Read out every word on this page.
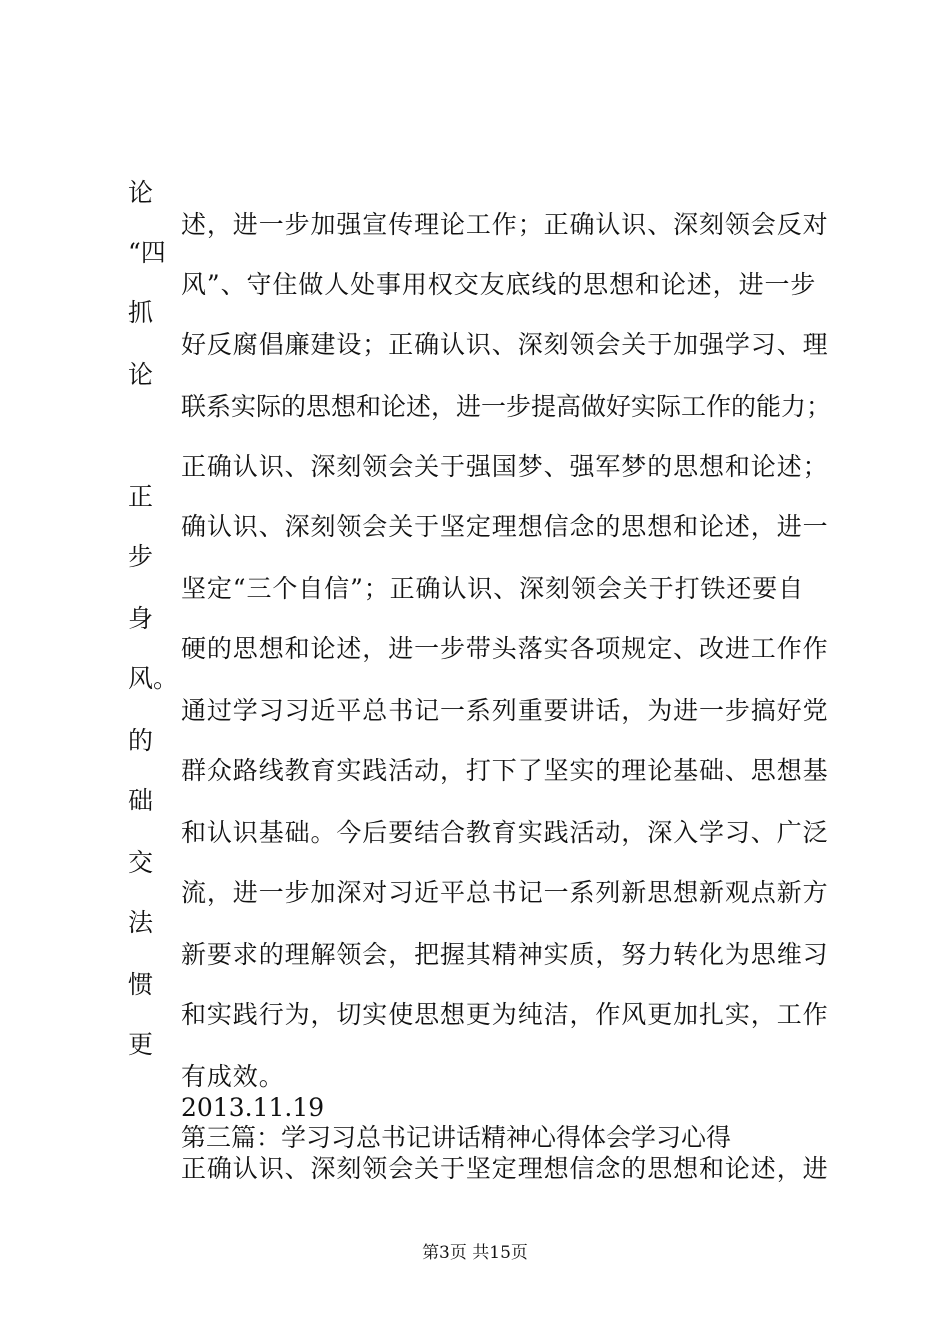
论
“四
抓
论
正
步
身
风。
的
础
交
法
惯
更
述，进一步加强宣传理论工作；正确认识、深刻领会反对
风”、守住做人处事用权交友底线的思想和论述，进一步
好反腐倡廉建设；正确认识、深刻领会关于加强学习、理
联系实际的思想和论述，进一步提高做好实际工作的能力；
正确认识、深刻领会关于强国梦、强军梦的思想和论述；
确认识、深刻领会关于坚定理想信念的思想和论述，进一
坚定“三个自信”；正确认识、深刻领会关于打铁还要自
硬的思想和论述，进一步带头落实各项规定、改进工作作
通过学习习近平总书记一系列重要讲话，为进一步搞好党
群众路线教育实践活动，打下了坚实的理论基础、思想基
和认识基础。今后要结合教育实践活动，深入学习、广泛
流，进一步加深对习近平总书记一系列新思想新观点新方
新要求的理解领会，把握其精神实质，努力转化为思维习
和实践行为，切实使思想更为纯洁，作风更加扎实，工作
有成效。
2013.11.19
第三篇：学习习总书记讲话精神心得体会学习心得
正确认识、深刻领会关于坚定理想信念的思想和论述，进
第3页 共15页
